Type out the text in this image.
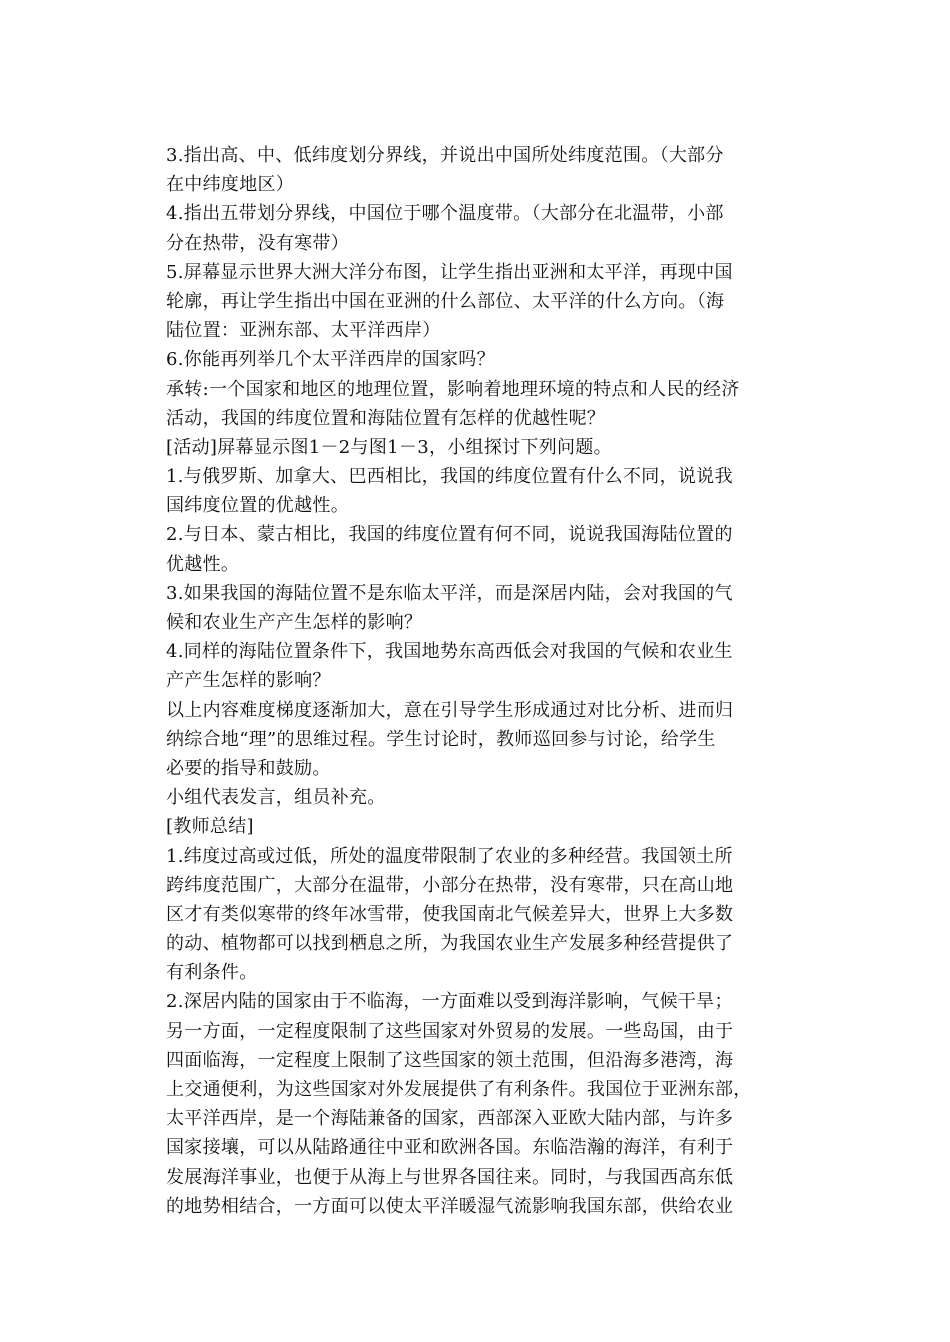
3.指出高、中、低纬度划分界线，并说出中国所处纬度范围。（大部分
在中纬度地区）
4.指出五带划分界线，中国位于哪个温度带。（大部分在北温带，小部
分在热带，没有寒带）
5.屏幕显示世界大洲大洋分布图，让学生指出亚洲和太平洋，再现中国
轮廓，再让学生指出中国在亚洲的什么部位、太平洋的什么方向。（海
陆位置：亚洲东部、太平洋西岸）
6.你能再列举几个太平洋西岸的国家吗？
承转:一个国家和地区的地理位置，影响着地理环境的特点和人民的经济
活动，我国的纬度位置和海陆位置有怎样的优越性呢？
[活动]屏幕显示图1－2与图1－3，小组探讨下列问题。
1.与俄罗斯、加拿大、巴西相比，我国的纬度位置有什么不同，说说我
国纬度位置的优越性。
2.与日本、蒙古相比，我国的纬度位置有何不同，说说我国海陆位置的
优越性。
3.如果我国的海陆位置不是东临太平洋，而是深居内陆，会对我国的气
候和农业生产产生怎样的影响？
4.同样的海陆位置条件下，我国地势东高西低会对我国的气候和农业生
产产生怎样的影响？
以上内容难度梯度逐渐加大，意在引导学生形成通过对比分析、进而归
纳综合地“理”的思维过程。学生讨论时，教师巡回参与讨论，给学生
必要的指导和鼓励。
小组代表发言，组员补充。
[教师总结]
1.纬度过高或过低，所处的温度带限制了农业的多种经营。我国领土所
跨纬度范围广，大部分在温带，小部分在热带，没有寒带，只在高山地
区才有类似寒带的终年冰雪带，使我国南北气候差异大，世界上大多数
的动、植物都可以找到栖息之所，为我国农业生产发展多种经营提供了
有利条件。
2.深居内陆的国家由于不临海，一方面难以受到海洋影响，气候干旱；
另一方面，一定程度限制了这些国家对外贸易的发展。一些岛国，由于
四面临海，一定程度上限制了这些国家的领土范围，但沿海多港湾，海
上交通便利，为这些国家对外发展提供了有利条件。我国位于亚洲东部，
太平洋西岸，是一个海陆兼备的国家，西部深入亚欧大陆内部，与许多
国家接壤，可以从陆路通往中亚和欧洲各国。东临浩瀚的海洋，有利于
发展海洋事业，也便于从海上与世界各国往来。同时，与我国西高东低
的地势相结合，一方面可以使太平洋暖湿气流影响我国东部，供给农业
